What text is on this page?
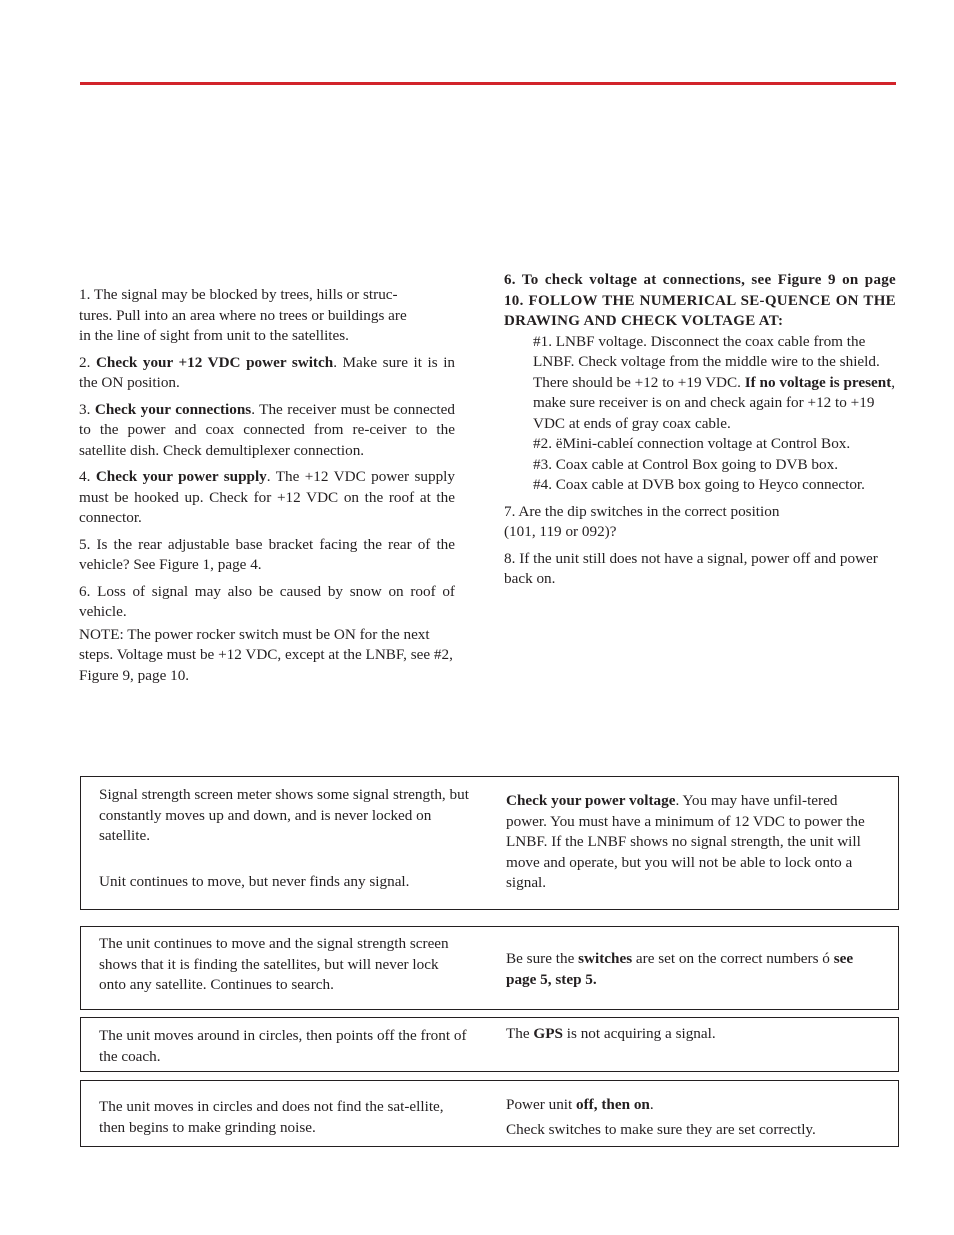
1. The signal may be blocked by trees, hills or struc-
tures. Pull into an area where no trees or buildings are
in the line of sight from unit to the satellites.

2. Check your +12 VDC power switch. Make sure it is in the ON position.

3. Check your connections. The receiver must be connected to the power and coax connected from re-ceiver to the satellite dish. Check demultiplexer connection.

4. Check your power supply. The +12 VDC power supply must be hooked up. Check for +12 VDC on the roof at the connector.

5. Is the rear adjustable base bracket facing the rear of the vehicle? See Figure 1, page 4.

6. Loss of signal may also be caused by snow on roof of vehicle.

NOTE: The power rocker switch must be ON for the next steps. Voltage must be +12 VDC, except at the LNBF, see #2, Figure 9, page 10.

6. To check voltage at connections, see Figure 9 on page 10. FOLLOW THE NUMERICAL SE-QUENCE ON THE DRAWING AND CHECK VOLTAGE AT:

#1. LNBF voltage. Disconnect the coax cable from the LNBF. Check voltage from the middle wire to the shield. There should be +12 to +19 VDC. If no voltage is present, make sure receiver is on and check again for +12 to +19 VDC at ends of gray coax cable.

#2. ëMini-cableí connection voltage at Control Box.

#3. Coax cable at Control Box going to DVB box.

#4. Coax cable at DVB box going to Heyco connector.

7. Are the dip switches in the correct position
(101, 119 or 092)?

8. If the unit still does not have a signal, power off and power back on.

Signal strength screen meter shows some signal strength, but constantly moves up and down, and is never locked on satellite.

Unit continues to move, but never finds any signal.

Check your power voltage. You may have unfil-tered power. You must have a minimum of 12 VDC to power the LNBF. If the LNBF shows no signal strength, the unit will move and operate, but you will not be able to lock onto a signal.
The unit continues to move and the signal strength screen shows that it is finding the satellites, but will never lock onto any satellite. Continues to search.
Be sure the switches are set on the correct numbers ó see page 5, step 5.
The unit moves around in circles, then points off the front of the coach.
The GPS is not acquiring a signal.
The unit moves in circles and does not find the sat-ellite, then begins to make grinding noise.

Power unit off, then on.

Check switches to make sure they are set correctly.
